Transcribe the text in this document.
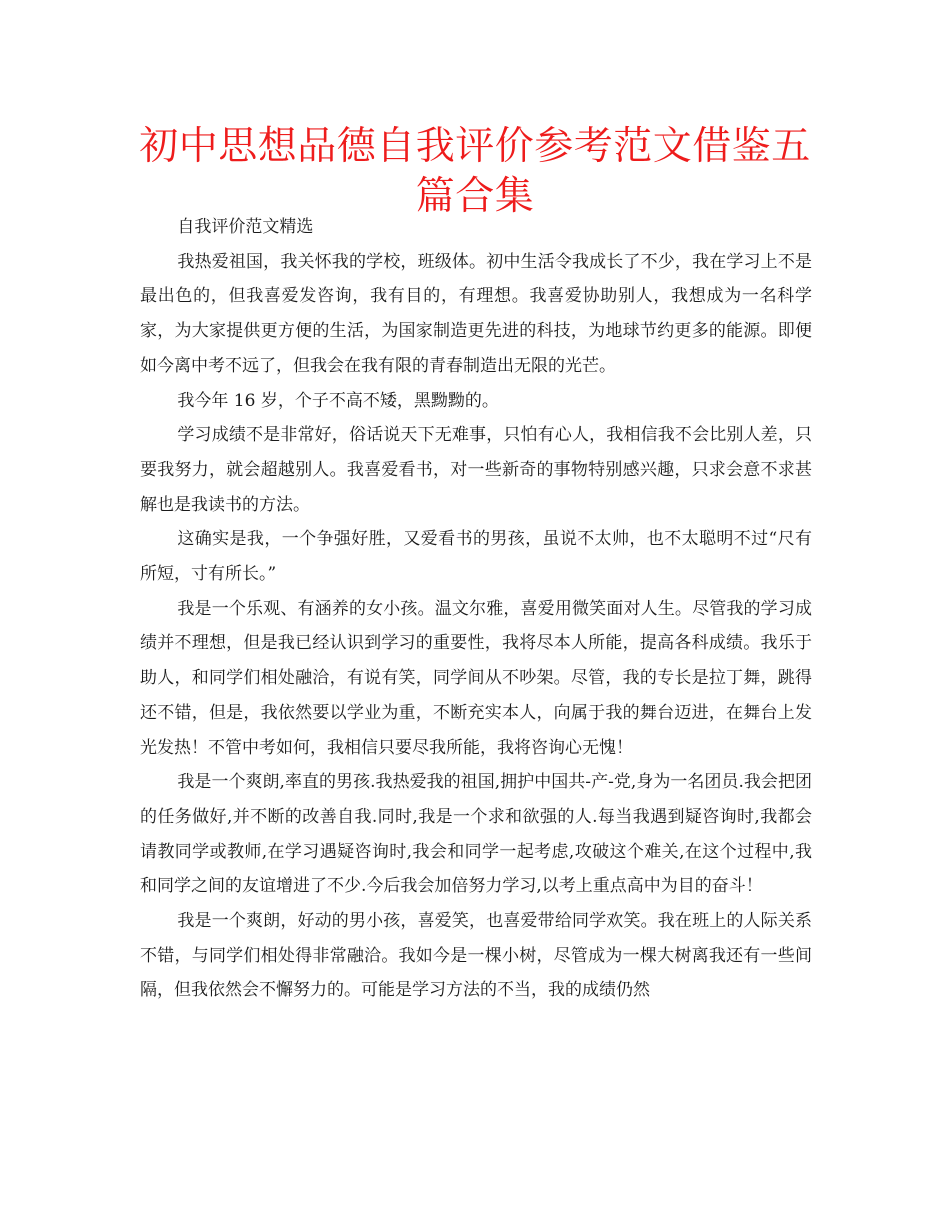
初中思想品德自我评价参考范文借鉴五篇合集

自我评价范文精选

我热爱祖国，我关怀我的学校，班级体。初中生活令我成长了不少，我在学习上不是最出色的，但我喜爱发咨询，我有目的，有理想。我喜爱协助别人，我想成为一名科学家，为大家提供更方便的生活，为国家制造更先进的科技，为地球节约更多的能源。即便如今离中考不远了，但我会在我有限的青春制造出无限的光芒。

我今年 16 岁，个子不高不矮，黑黝黝的。

学习成绩不是非常好，俗话说天下无难事，只怕有心人，我相信我不会比别人差，只要我努力，就会超越别人。我喜爱看书，对一些新奇的事物特别感兴趣，只求会意不求甚解也是我读书的方法。

这确实是我，一个争强好胜，又爱看书的男孩，虽说不太帅，也不太聪明不过“尺有所短，寸有所长。”

我是一个乐观、有涵养的女小孩。温文尔雅，喜爱用微笑面对人生。尽管我的学习成绩并不理想，但是我已经认识到学习的重要性，我将尽本人所能，提高各科成绩。我乐于助人，和同学们相处融洽，有说有笑，同学间从不吵架。尽管，我的专长是拉丁舞，跳得还不错，但是，我依然要以学业为重，不断充实本人，向属于我的舞台迈进，在舞台上发光发热！不管中考如何，我相信只要尽我所能，我将咨询心无愧！

我是一个爽朗,率直的男孩.我热爱我的祖国,拥护中国共-产-党,身为一名团员.我会把团的任务做好,并不断的改善自我.同时,我是一个求和欲强的人.每当我遇到疑咨询时,我都会请教同学或教师,在学习遇疑咨询时,我会和同学一起考虑,攻破这个难关,在这个过程中,我和同学之间的友谊增进了不少.今后我会加倍努力学习,以考上重点高中为目的奋斗！

我是一个爽朗，好动的男小孩，喜爱笑，也喜爱带给同学欢笑。我在班上的人际关系不错，与同学们相处得非常融洽。我如今是一棵小树，尽管成为一棵大树离我还有一些间隔，但我依然会不懈努力的。可能是学习方法的不当，我的成绩仍然
